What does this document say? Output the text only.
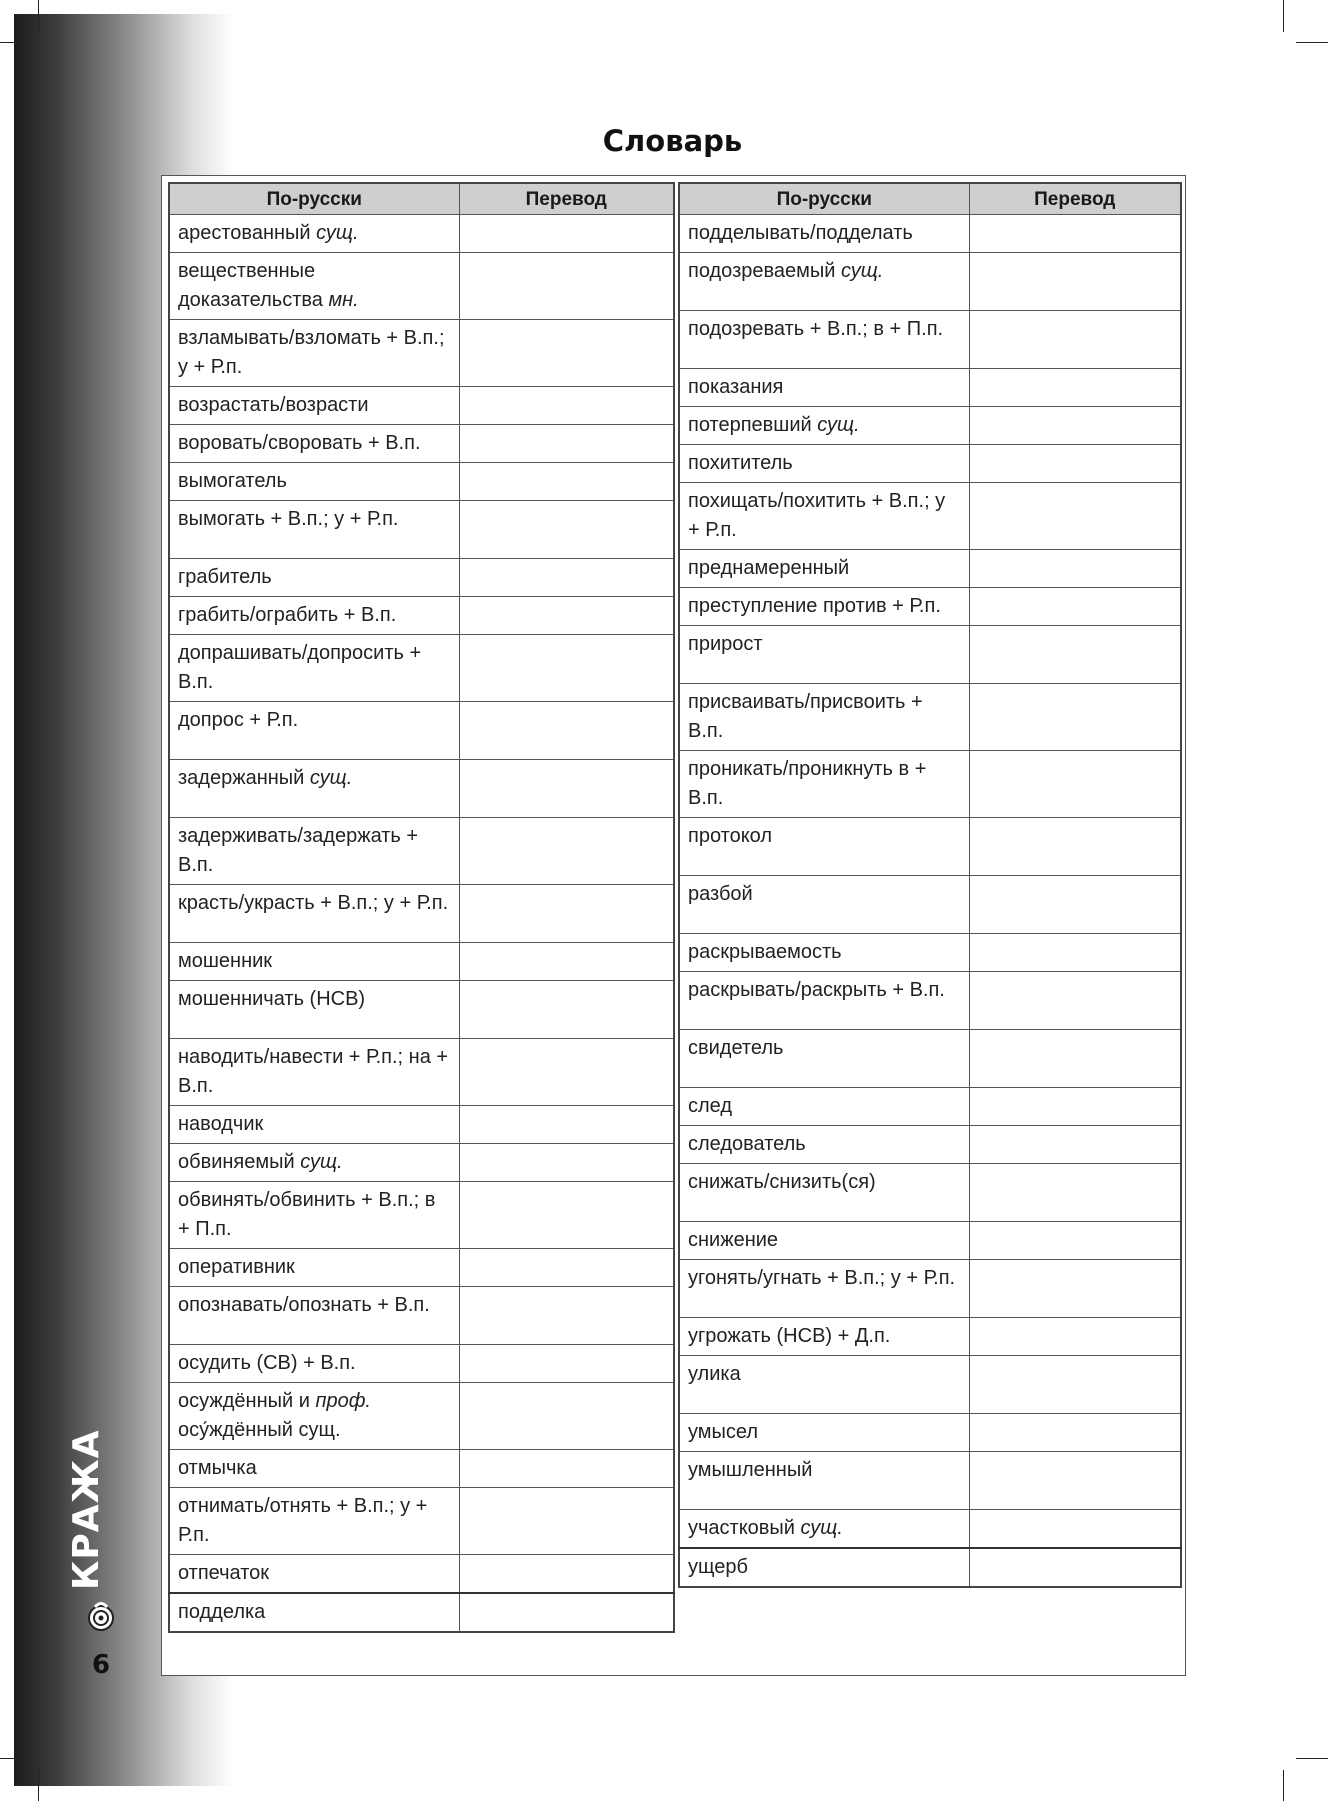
Словарь
По-русски	Перевод
арестованный сущ.	
вещественные доказательства мн.	
взламывать/взломать + В.п.; у + Р.п.	
возрастать/возрасти	
воровать/своровать + В.п.	
вымогатель	
вымогать + В.п.; у + Р.п.	
грабитель	
грабить/ограбить + В.п.	
допрашивать/допросить + В.п.	
допрос + Р.п.	
задержанный сущ.	
задерживать/задержать + В.п.	
красть/украсть + В.п.; у + Р.п.	
мошенник	
мошенничать (НСВ)	
наводить/навести + Р.п.; на + В.п.	
наводчик	
обвиняемый сущ.	
обвинять/обвинить + В.п.; в + П.п.	
оперативник	
опознавать/опознать + В.п.	
осудить (СВ) + В.п.	
осуждённый и проф. осу́ждённый сущ.	
отмычка	
отнимать/отнять + В.п.; у + Р.п.	
отпечаток	
подделка	
По-русски	Перевод
подделывать/подделать	
подозреваемый сущ.	
подозревать + В.п.; в + П.п.	
показания	
потерпевший сущ.	
похититель	
похищать/похитить + В.п.; у + Р.п.	
преднамеренный	
преступление против + Р.п.	
прирост	
присваивать/присвоить + В.п.	
проникать/проникнуть в + В.п.	
протокол	
разбой	
раскрываемость	
раскрывать/раскрыть + В.п.	
свидетель	
след	
следователь	
снижать/снизить(ся)	
снижение	
угонять/угнать + В.п.; у + Р.п.	
угрожать (НСВ) + Д.п.	
улика	
умысел	
умышленный	
участковый сущ.	
ущерб	
КРАЖА
6
